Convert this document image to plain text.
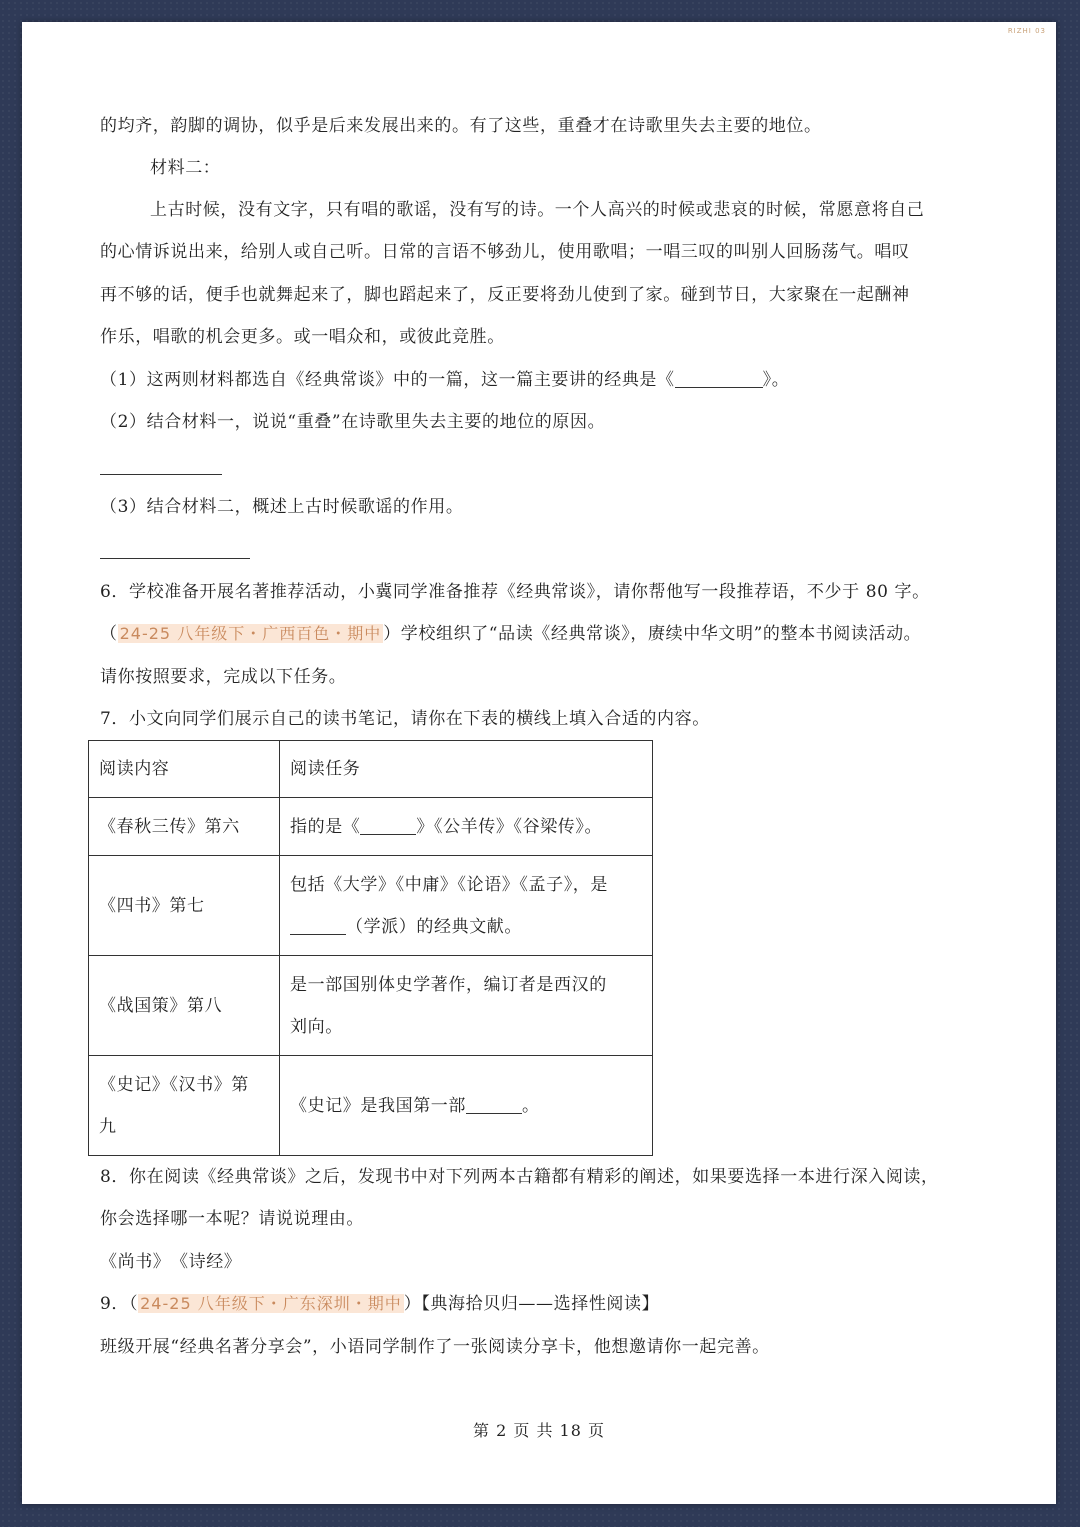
RIZHI 03
的均齐，韵脚的调协，似乎是后来发展出来的。有了这些，重叠才在诗歌里失去主要的地位。
材料二：
上古时候，没有文字，只有唱的歌谣，没有写的诗。一个人高兴的时候或悲哀的时候，常愿意将自己
的心情诉说出来，给别人或自己听。日常的言语不够劲儿，使用歌唱；一唱三叹的叫别人回肠荡气。唱叹
再不够的话，便手也就舞起来了，脚也蹈起来了，反正要将劲儿使到了家。碰到节日，大家聚在一起酬神
作乐，唱歌的机会更多。或一唱众和，或彼此竞胜。
（1）这两则材料都选自《经典常谈》中的一篇，这一篇主要讲的经典是《	》。
（2）结合材料一，说说“重叠”在诗歌里失去主要的地位的原因。
（3）结合材料二，概述上古时候歌谣的作用。
6．学校准备开展名著推荐活动，小冀同学准备推荐《经典常谈》，请你帮他写一段推荐语，不少于 80 字。
（ 24-25 八年级下・广西百色・期中 ）学校组织了“品读《经典常谈》，赓续中华文明”的整本书阅读活动。
请你按照要求，完成以下任务。
7．小文向同学们展示自己的读书笔记，请你在下表的横线上填入合适的内容。
阅读内容	阅读任务
《春秋三传》第六	指的是《 》《公羊传》《谷梁传》。
《四书》第七	包括《大学》《中庸》《论语》《孟子》，是
（学派）的经典文献。

《战国策》第八	是一部国别体史学著作，编订者是西汉的
刘向。

《史记》《汉书》第
九	《史记》是我国第一部 。
8．你在阅读《经典常谈》之后，发现书中对下列两本古籍都有精彩的阐述，如果要选择一本进行深入阅读，
你会选择哪一本呢？请说说理由。
《尚书》　《诗经》
9．（ 24-25 八年级下・广东深圳・期中 ）【典海拾贝归——选择性阅读】
班级开展“经典名著分享会”，小语同学制作了一张阅读分享卡，他想邀请你一起完善。
第 2 页 共 18 页
